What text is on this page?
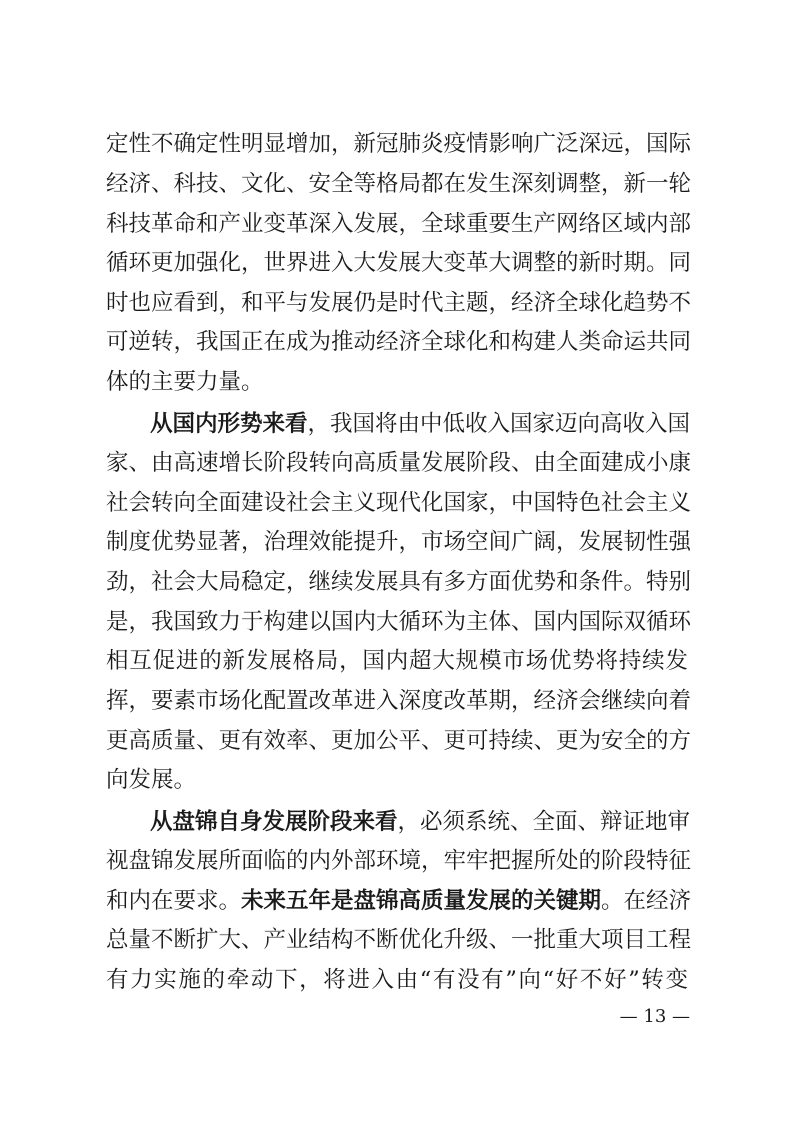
定性不确定性明显增加，新冠肺炎疫情影响广泛深远，国际
经济、科技、文化、安全等格局都在发生深刻调整，新一轮
科技革命和产业变革深入发展，全球重要生产网络区域内部
循环更加强化，世界进入大发展大变革大调整的新时期。同
时也应看到，和平与发展仍是时代主题，经济全球化趋势不
可逆转，我国正在成为推动经济全球化和构建人类命运共同
体的主要力量。
从国内形势来看，我国将由中低收入国家迈向高收入国
家、由高速增长阶段转向高质量发展阶段、由全面建成小康
社会转向全面建设社会主义现代化国家，中国特色社会主义
制度优势显著，治理效能提升，市场空间广阔，发展韧性强
劲，社会大局稳定，继续发展具有多方面优势和条件。特别
是，我国致力于构建以国内大循环为主体、国内国际双循环
相互促进的新发展格局，国内超大规模市场优势将持续发
挥，要素市场化配置改革进入深度改革期，经济会继续向着
更高质量、更有效率、更加公平、更可持续、更为安全的方
向发展。
从盘锦自身发展阶段来看，必须系统、全面、辩证地审
视盘锦发展所面临的内外部环境，牢牢把握所处的阶段特征
和内在要求。未来五年是盘锦高质量发展的关键期。在经济
总量不断扩大、产业结构不断优化升级、一批重大项目工程
有力实施的牵动下，将进入由“有没有”向“好不好”转变
— 13 —
